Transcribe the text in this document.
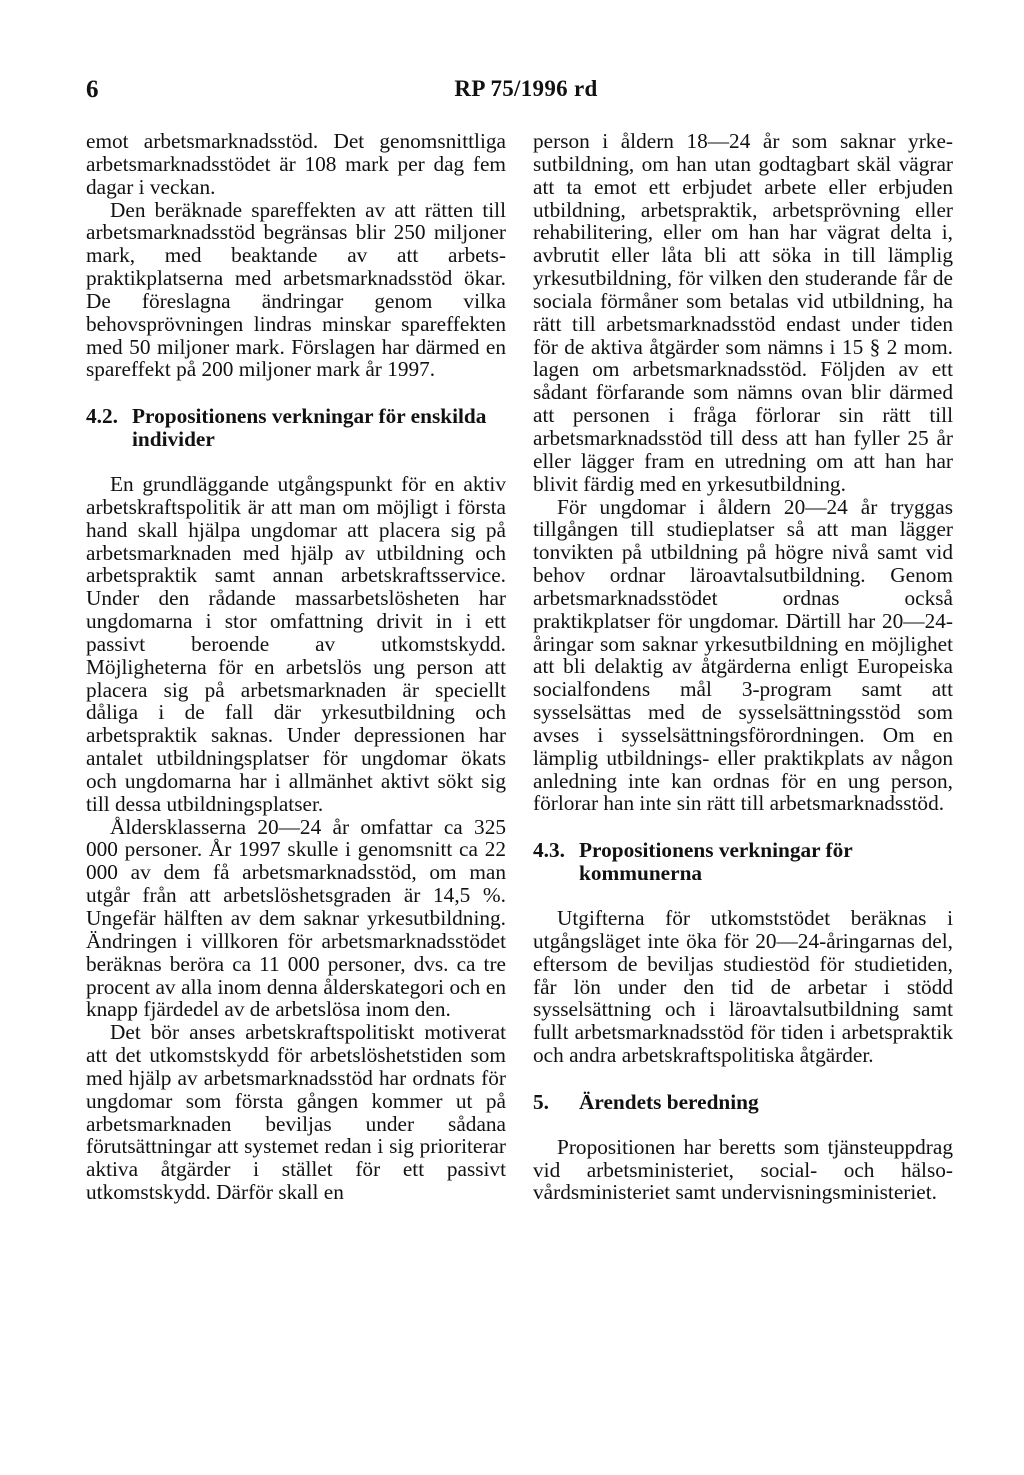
6	RP 75/1996 rd

emot arbetsmarknadsstöd. Det genomsnittliga arbetsmarknadsstödet är 108 mark per dag fem dagar i veckan.

Den beräknade spareffekten av att rätten till arbetsmarknadsstöd begränsas blir 250 miljoner mark, med beaktande av att arbetspraktikplatserna med arbetsmarknadsstöd ökar. De föreslagna ändringar genom vilka behovsprövningen lindras minskar spareffekten med 50 miljoner mark. Förslagen har därmed en spareffekt på 200 miljoner mark år 1997.

4.2. Propositionens verkningar för enskilda individer

En grundläggande utgångspunkt för en aktiv arbetskraftspolitik är att man om möjligt i första hand skall hjälpa ungdomar att placera sig på arbetsmarknaden med hjälp av utbildning och arbetspraktik samt annan arbetskraftsservice. Under den rådande massarbetslösheten har ungdomarna i stor omfattning drivit in i ett passivt beroende av utkomstskydd. Möjligheterna för en arbetslös ung person att placera sig på arbetsmarknaden är speciellt dåliga i de fall där yrkesutbildning och arbetspraktik saknas. Under depressionen har antalet utbildningsplatser för ungdomar ökats och ungdomarna har i allmänhet aktivt sökt sig till dessa utbildningsplatser.

Åldersklasserna 20—24 år omfattar ca 325 000 personer. År 1997 skulle i genomsnitt ca 22 000 av dem få arbetsmarknadsstöd, om man utgår från att arbetslöshetsgraden är 14,5 %. Ungefär hälften av dem saknar yrkesutbildning. Ändringen i villkoren för arbetsmarknadsstödet beräknas beröra ca 11 000 personer, dvs. ca tre procent av alla inom denna ålderskategori och en knapp fjärdedel av de arbetslösa inom den.

Det bör anses arbetskraftspolitiskt motiverat att det utkomstskydd för arbetslöshetstiden som med hjälp av arbetsmarknadsstöd har ordnats för ungdomar som första gången kommer ut på arbetsmarknaden beviljas under sådana förutsättningar att systemet redan i sig prioriterar aktiva åtgärder i stället för ett passivt utkomstskydd. Därför skall en

person i åldern 18—24 år som saknar yrkesutbildning, om han utan godtagbart skäl vägrar att ta emot ett erbjudet arbete eller erbjuden utbildning, arbetspraktik, arbetsprövning eller rehabilitering, eller om han har vägrat delta i, avbrutit eller låta bli att söka in till lämplig yrkesutbildning, för vilken den studerande får de sociala förmåner som betalas vid utbildning, ha rätt till arbetsmarknadsstöd endast under tiden för de aktiva åtgärder som nämns i 15 § 2 mom. lagen om arbetsmarknadsstöd. Följden av ett sådant förfarande som nämns ovan blir därmed att personen i fråga förlorar sin rätt till arbetsmarknadsstöd till dess att han fyller 25 år eller lägger fram en utredning om att han har blivit färdig med en yrkesutbildning.

För ungdomar i åldern 20—24 år tryggas tillgången till studieplatser så att man lägger tonvikten på utbildning på högre nivå samt vid behov ordnar läroavtalsutbildning. Genom arbetsmarknadsstödet ordnas också praktikplatser för ungdomar. Därtill har 20—24-åringar som saknar yrkesutbildning en möjlighet att bli delaktig av åtgärderna enligt Europeiska socialfondens mål 3-program samt att sysselsättas med de sysselsättningsstöd som avses i sysselsättningsförordningen. Om en lämplig utbildnings- eller praktikplats av någon anledning inte kan ordnas för en ung person, förlorar han inte sin rätt till arbetsmarknadsstöd.

4.3. Propositionens verkningar för kommunerna

Utgifterna för utkomststödet beräknas i utgångsläget inte öka för 20—24-åringarnas del, eftersom de beviljas studiestöd för studietiden, får lön under den tid de arbetar i stödd sysselsättning och i läroavtalsutbildning samt fullt arbetsmarknadsstöd för tiden i arbetspraktik och andra arbetskraftspolitiska åtgärder.

5.	Ärendets beredning

Propositionen har beretts som tjänsteuppdrag vid arbetsministeriet, social- och hälsovårdsministeriet samt undervisningsministeriet.
